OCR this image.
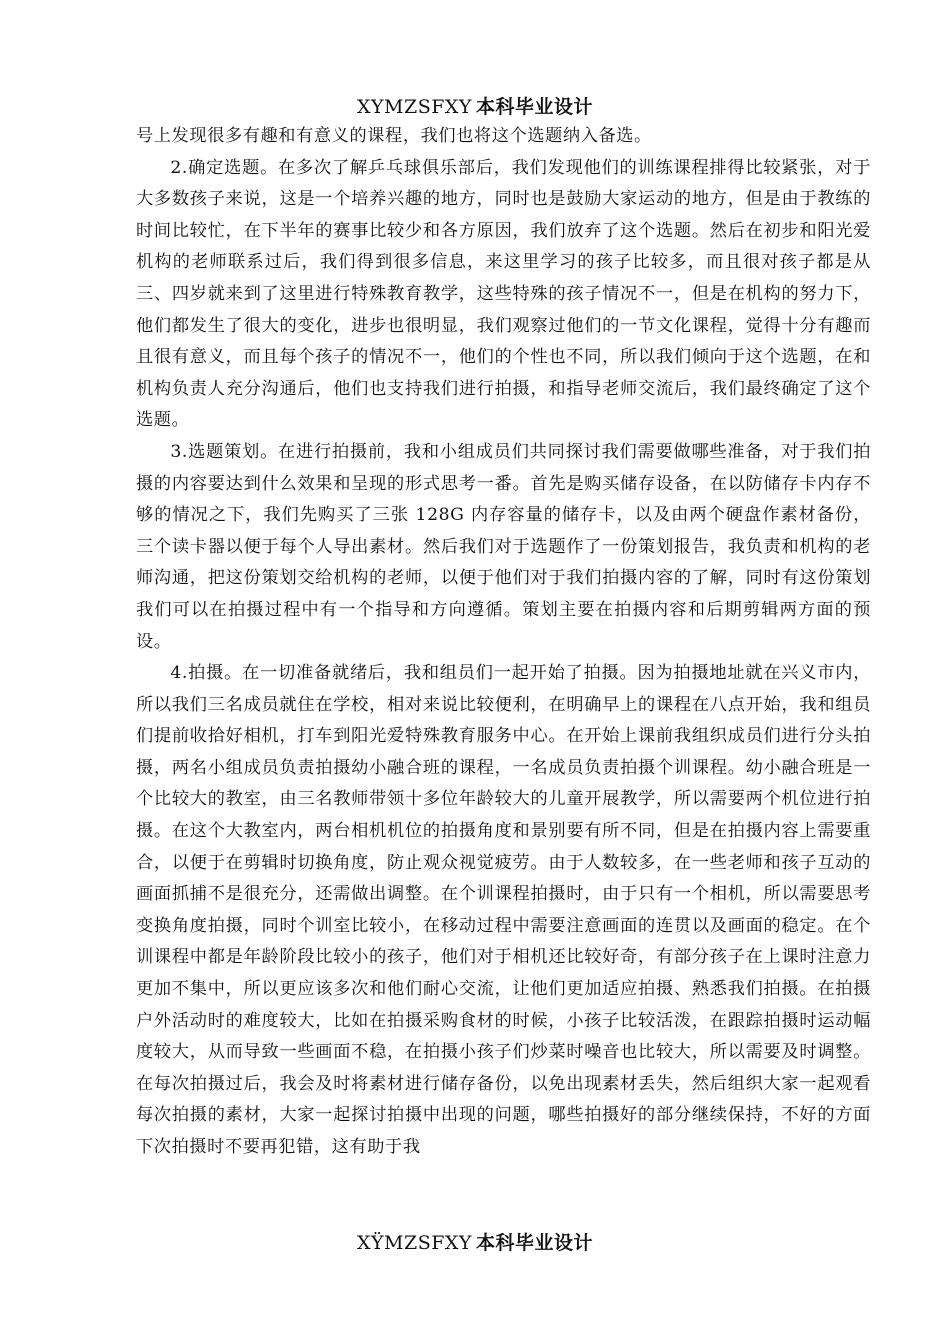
XYMZSFXY 本科毕业设计

号上发现很多有趣和有意义的课程，我们也将这个选题纳入备选。

2.确定选题。在多次了解乒乓球俱乐部后，我们发现他们的训练课程排得比较紧张，对于大多数孩子来说，这是一个培养兴趣的地方，同时也是鼓励大家运动的地方，但是由于教练的时间比较忙，在下半年的赛事比较少和各方原因，我们放弃了这个选题。然后在初步和阳光爱机构的老师联系过后，我们得到很多信息，来这里学习的孩子比较多，而且很对孩子都是从三、四岁就来到了这里进行特殊教育教学，这些特殊的孩子情况不一，但是在机构的努力下，他们都发生了很大的变化，进步也很明显，我们观察过他们的一节文化课程，觉得十分有趣而且很有意义，而且每个孩子的情况不一，他们的个性也不同，所以我们倾向于这个选题，在和机构负责人充分沟通后，他们也支持我们进行拍摄，和指导老师交流后，我们最终确定了这个选题。

3.选题策划。在进行拍摄前，我和小组成员们共同探讨我们需要做哪些准备，对于我们拍摄的内容要达到什么效果和呈现的形式思考一番。首先是购买储存设备，在以防储存卡内存不够的情况之下，我们先购买了三张 128G 内存容量的储存卡，以及由两个硬盘作素材备份，三个读卡器以便于每个人导出素材。然后我们对于选题作了一份策划报告，我负责和机构的老师沟通，把这份策划交给机构的老师，以便于他们对于我们拍摄内容的了解，同时有这份策划我们可以在拍摄过程中有一个指导和方向遵循。策划主要在拍摄内容和后期剪辑两方面的预设。

4.拍摄。在一切准备就绪后，我和组员们一起开始了拍摄。因为拍摄地址就在兴义市内，所以我们三名成员就住在学校，相对来说比较便利，在明确早上的课程在八点开始，我和组员们提前收拾好相机，打车到阳光爱特殊教育服务中心。在开始上课前我组织成员们进行分头拍摄，两名小组成员负责拍摄幼小融合班的课程，一名成员负责拍摄个训课程。幼小融合班是一个比较大的教室，由三名教师带领十多位年龄较大的儿童开展教学，所以需要两个机位进行拍摄。在这个大教室内，两台相机机位的拍摄角度和景别要有所不同，但是在拍摄内容上需要重合，以便于在剪辑时切换角度，防止观众视觉疲劳。由于人数较多，在一些老师和孩子互动的画面抓捕不是很充分，还需做出调整。在个训课程拍摄时，由于只有一个相机，所以需要思考变换角度拍摄，同时个训室比较小，在移动过程中需要注意画面的连贯以及画面的稳定。在个训课程中都是年龄阶段比较小的孩子，他们对于相机还比较好奇，有部分孩子在上课时注意力更加不集中，所以更应该多次和他们耐心交流，让他们更加适应拍摄、熟悉我们拍摄。在拍摄户外活动时的难度较大，比如在拍摄采购食材的时候，小孩子比较活泼，在跟踪拍摄时运动幅度较大，从而导致一些画面不稳，在拍摄小孩子们炒菜时噪音也比较大，所以需要及时调整。在每次拍摄过后，我会及时将素材进行储存备份，以免出现素材丢失，然后组织大家一起观看每次拍摄的素材，大家一起探讨拍摄中出现的问题，哪些拍摄好的部分继续保持，不好的方面下次拍摄时不要再犯错，这有助于我

XŸMZSFXY 本科毕业设计
